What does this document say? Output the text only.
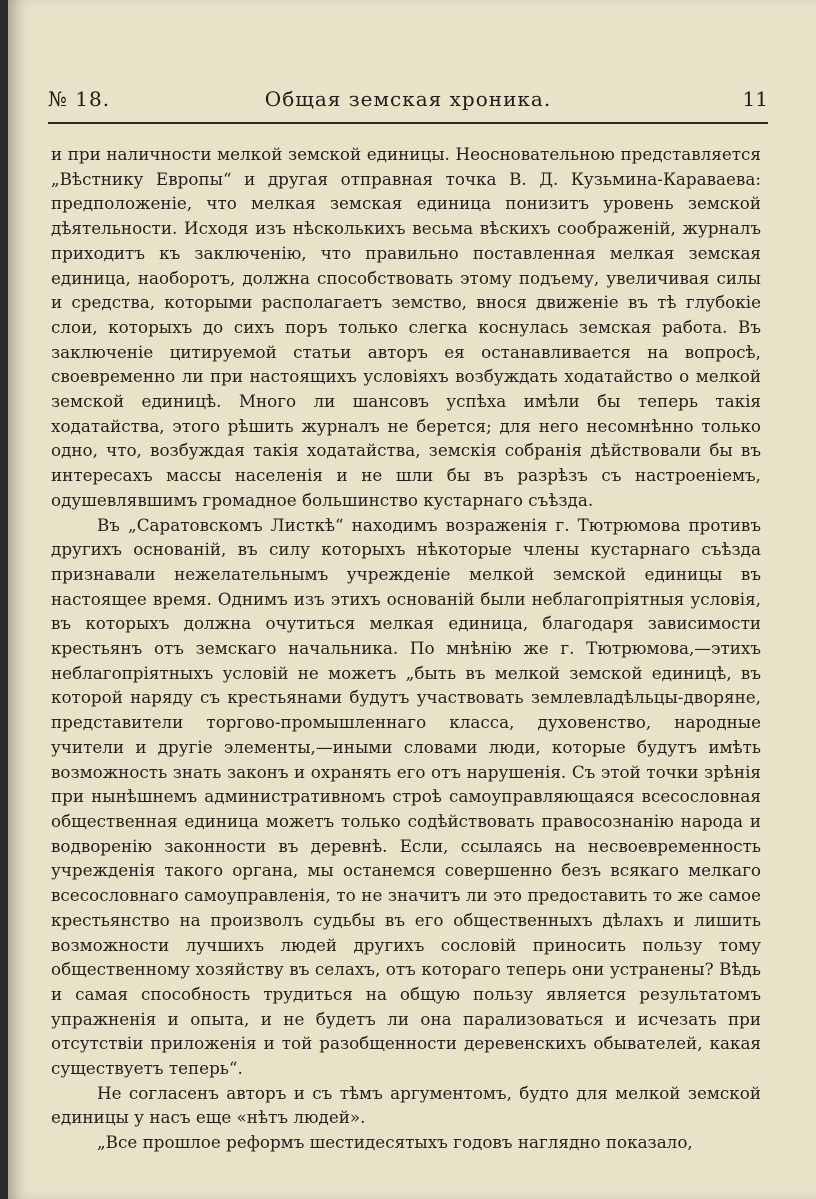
№ 18.	Общая земская хроника.	11

и при наличности мелкой земской единицы. Неосновательною представляется „Вѣстнику Европы“ и другая отправная точка В. Д. Кузьмина-Караваева: предположеніе, что мелкая земская единица понизитъ уровень земской дѣятельности. Исходя изъ нѣсколькихъ весьма вѣскихъ соображеній, журналъ приходитъ къ заключенію, что правильно поставленная мелкая земская единица, наоборотъ, должна способствовать этому подъему, увеличивая силы и средства, которыми располагаетъ земство, внося движеніе въ тѣ глубокіе слои, которыхъ до сихъ поръ только слегка коснулась земская работа. Въ заключеніе цитируемой статьи авторъ ея останавливается на вопросѣ, своевременно ли при настоящихъ условіяхъ возбуждать ходатайство о мелкой земской единицѣ. Много ли шансовъ успѣха имѣли бы теперь такія ходатайства, этого рѣшить журналъ не берется; для него несомнѣнно только одно, что, возбуждая такія ходатайства, земскія собранія дѣйствовали бы въ интересахъ массы населенія и не шли бы въ разрѣзъ съ настроеніемъ, одушевлявшимъ громадное большинство кустарнаго съѣзда.

Въ „Саратовскомъ Листкѣ“ находимъ возраженія г. Тютрюмова противъ другихъ основаній, въ силу которыхъ нѣкоторые члены кустарнаго съѣзда признавали нежелательнымъ учрежденіе мелкой земской единицы въ настоящее время. Однимъ изъ этихъ основаній были неблагопріятныя условія, въ которыхъ должна очутиться мелкая единица, благодаря зависимости крестьянъ отъ земскаго начальника. По мнѣнію же г. Тютрюмова,—этихъ неблагопріятныхъ условій не можетъ „быть въ мелкой земской единицѣ, въ которой наряду съ крестьянами будутъ участвовать землевладѣльцы-дворяне, представители торгово-промышленнаго класса, духовенство, народные учители и другіе элементы,—иными словами люди, которые будутъ имѣть возможность знать законъ и охранять его отъ нарушенія. Съ этой точки зрѣнія при нынѣшнемъ административномъ строѣ самоуправляющаяся всесословная общественная единица можетъ только содѣйствовать правосознанію народа и водворенію законности въ деревнѣ. Если, ссылаясь на несвоевременность учрежденія такого органа, мы останемся совершенно безъ всякаго мелкаго всесословнаго самоуправленія, то не значитъ ли это предоставить то же самое крестьянство на произволъ судьбы въ его общественныхъ дѣлахъ и лишить возможности лучшихъ людей другихъ сословій приносить пользу тому общественному хозяйству въ селахъ, отъ котораго теперь они устранены? Вѣдь и самая способность трудиться на общую пользу является результатомъ упражненія и опыта, и не будетъ ли она парализоваться и исчезать при отсутствіи приложенія и той разобщенности деревенскихъ обывателей, какая существуетъ теперь“.

Не согласенъ авторъ и съ тѣмъ аргументомъ, будто для мелкой земской единицы у насъ еще «нѣтъ людей».

„Все прошлое реформъ шестидесятыхъ годовъ наглядно показало,
